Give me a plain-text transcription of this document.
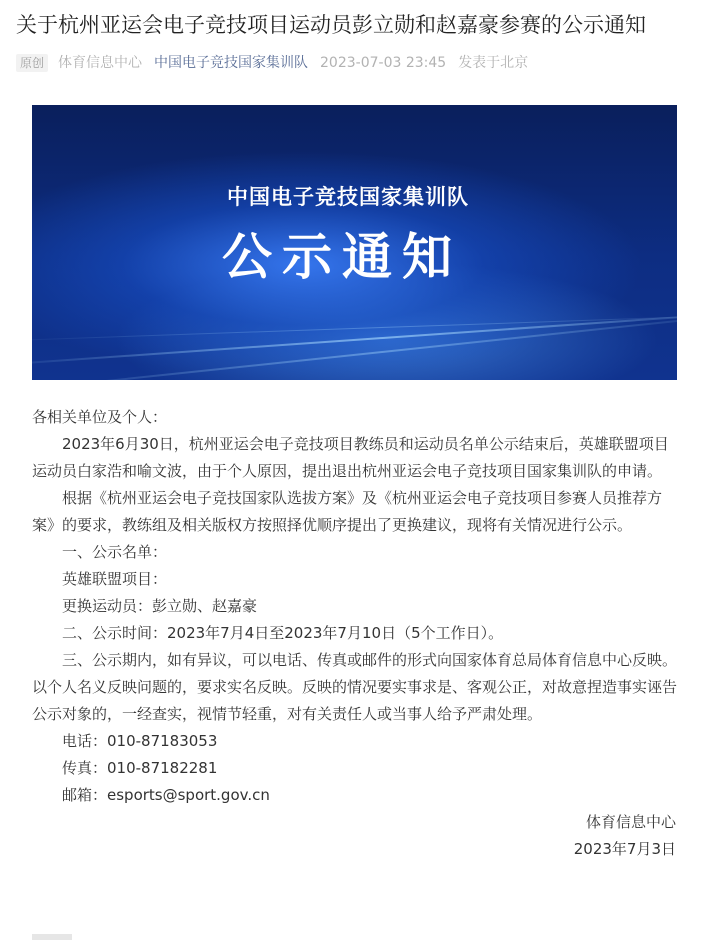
关于杭州亚运会电子竞技项目运动员彭立勋和赵嘉豪参赛的公示通知
原创 体育信息中心 中国电子竞技国家集训队 2023-07-03 23:45 发表于北京
中国电子竞技国家集训队
公示通知

各相关单位及个人：

2023年6月30日，杭州亚运会电子竞技项目教练员和运动员名单公示结束后，英雄联盟项目运动员白家浩和喻文波，由于个人原因，提出退出杭州亚运会电子竞技项目国家集训队的申请。

根据《杭州亚运会电子竞技国家队选拔方案》及《杭州亚运会电子竞技项目参赛人员推荐方案》的要求，教练组及相关版权方按照择优顺序提出了更换建议，现将有关情况进行公示。

一、公示名单：

英雄联盟项目：

更换运动员：彭立勋、赵嘉豪

二、公示时间：2023年7月4日至2023年7月10日（5个工作日）。

三、公示期内，如有异议，可以电话、传真或邮件的形式向国家体育总局体育信息中心反映。以个人名义反映问题的，要求实名反映。反映的情况要实事求是、客观公正，对故意捏造事实诬告公示对象的，一经查实，视情节轻重，对有关责任人或当事人给予严肃处理。

电话：010-87183053

传真：010-87182281

邮箱：esports@sport.gov.cn

体育信息中心

2023年7月3日
